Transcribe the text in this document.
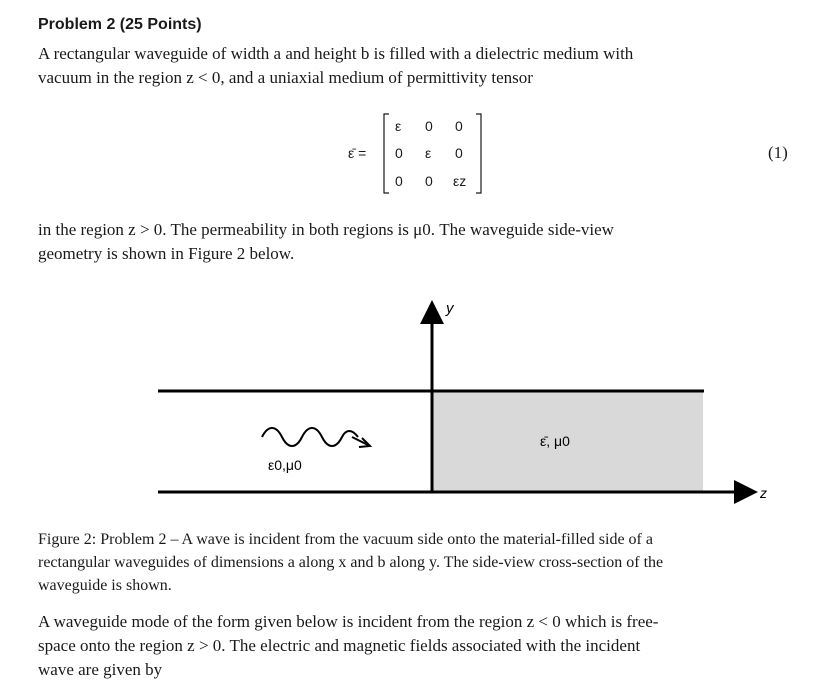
Problem 2 (25 Points)
A rectangular waveguide of width a and height b is filled with a dielectric medium with
vacuum in the region z < 0, and a uniaxial medium of permittivity tensor
ε̄ =
ε 0 0
0 ε 0
0 0 εz
(1)
in the region z > 0. The permeability in both regions is μ0. The waveguide side-view
geometry is shown in Figure 2 below.
y
z
ε0,μ0
ε̄, μ0
Figure 2: Problem 2 – A wave is incident from the vacuum side onto the material-filled side of a
rectangular waveguides of dimensions a along x and b along y. The side-view cross-section of the
waveguide is shown.
A waveguide mode of the form given below is incident from the region z < 0 which is free-
space onto the region z > 0. The electric and magnetic fields associated with the incident
wave are given by
